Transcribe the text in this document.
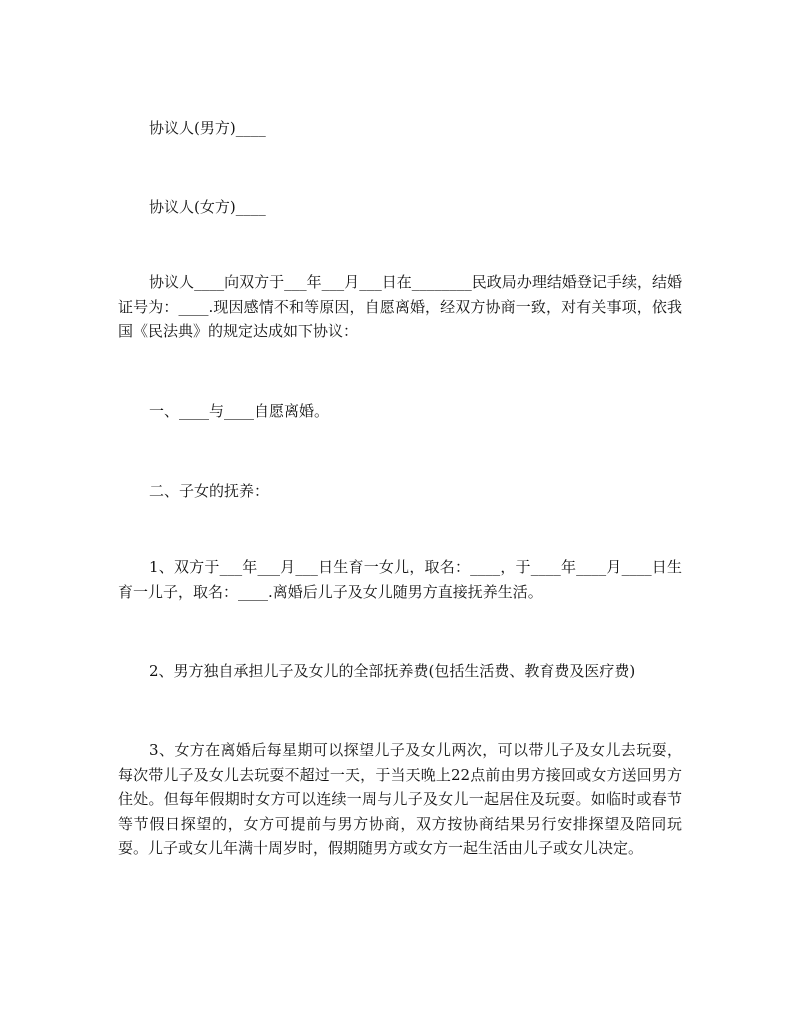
协议人(男方)____
协议人(女方)____
协议人____向双方于___年___月___日在________民政局办理结婚登记手续，结婚证号为：____.现因感情不和等原因，自愿离婚，经双方协商一致，对有关事项，依我国《民法典》的规定达成如下协议：
一、____与____自愿离婚。
二、子女的抚养：
1、双方于___年___月___日生育一女儿，取名：____，于____年____月____日生育一儿子，取名：____.离婚后儿子及女儿随男方直接抚养生活。
2、男方独自承担儿子及女儿的全部抚养费(包括生活费、教育费及医疗费)
3、女方在离婚后每星期可以探望儿子及女儿两次，可以带儿子及女儿去玩耍，每次带儿子及女儿去玩耍不超过一天，于当天晚上22点前由男方接回或女方送回男方住处。但每年假期时女方可以连续一周与儿子及女儿一起居住及玩耍。如临时或春节等节假日探望的，女方可提前与男方协商，双方按协商结果另行安排探望及陪同玩耍。儿子或女儿年满十周岁时，假期随男方或女方一起生活由儿子或女儿决定。
